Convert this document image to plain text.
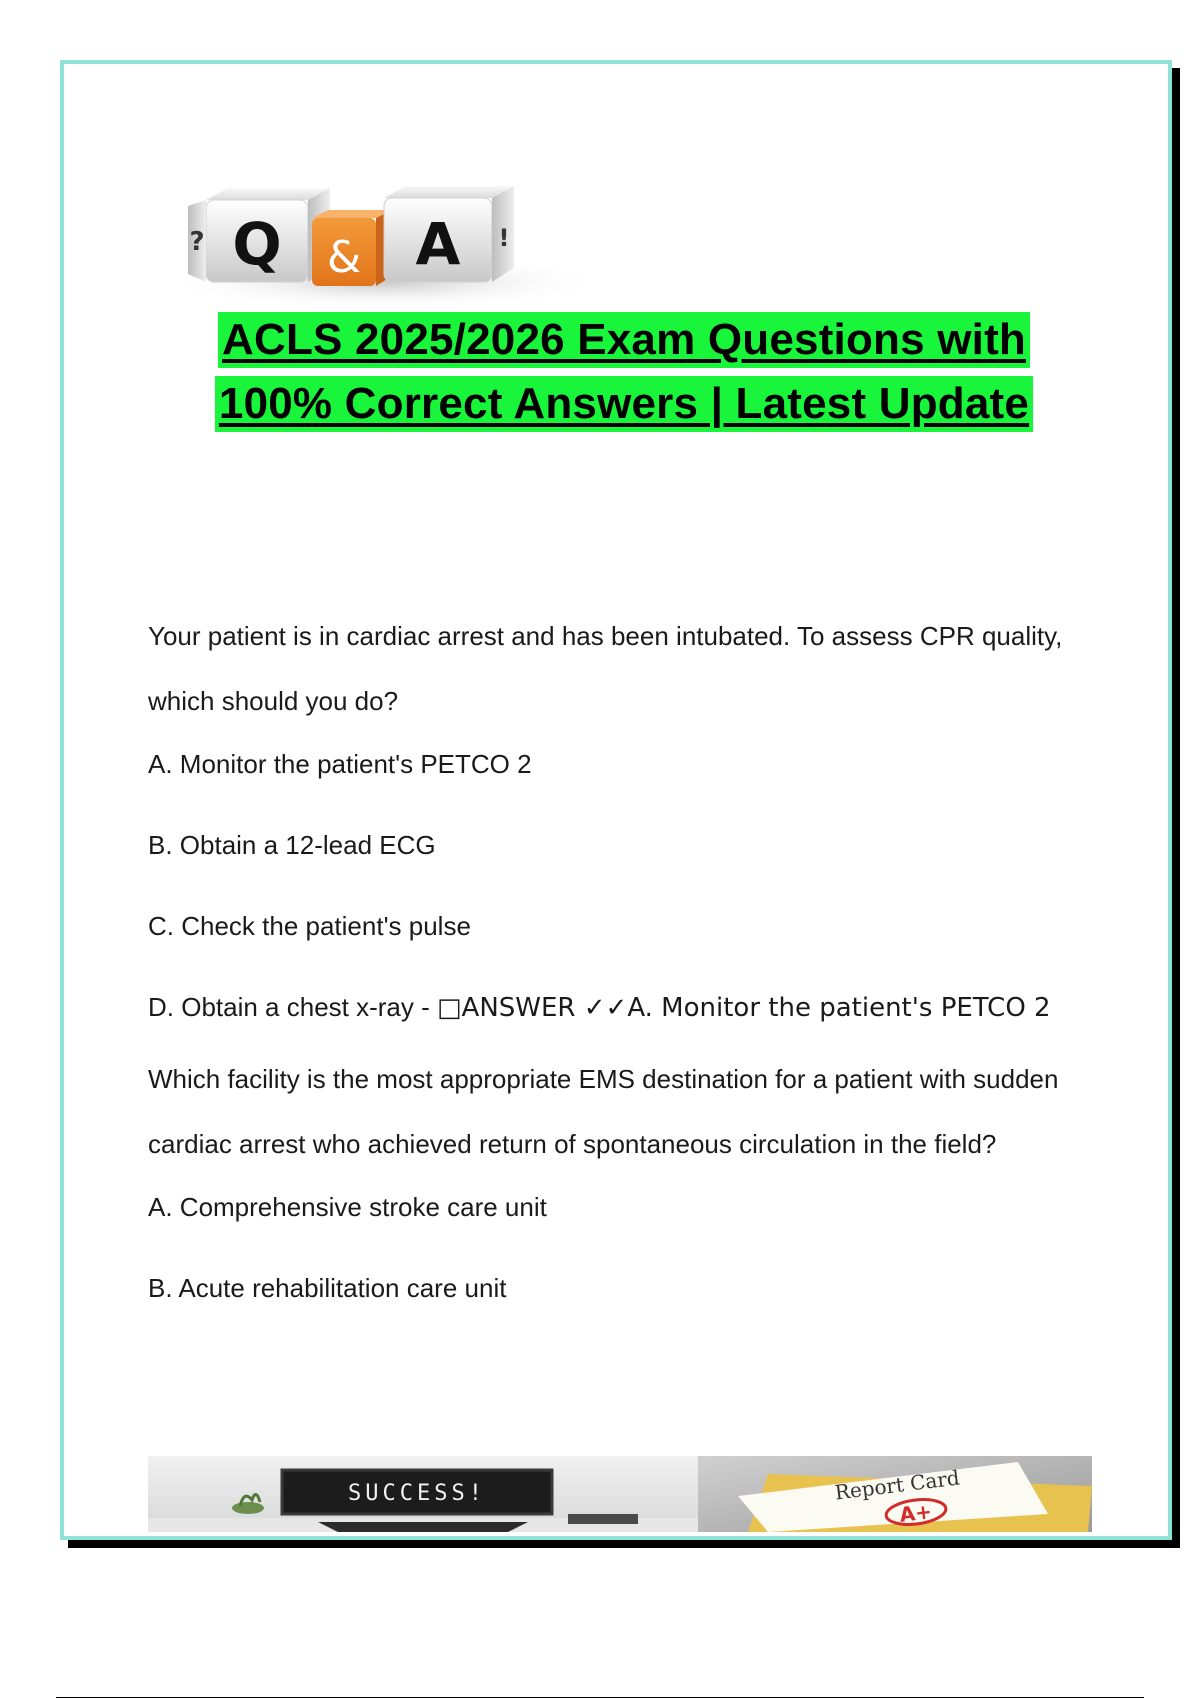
? Q & A !
ACLS 2025/2026 Exam Questions with
100% Correct Answers | Latest Update

Your patient is in cardiac arrest and has been intubated. To assess CPR quality, which should you do?

A. Monitor the patient's PETCO 2

B. Obtain a 12-lead ECG

C. Check the patient's pulse

D. Obtain a chest x-ray - □ANSWER ✓✓A. Monitor the patient's PETCO 2

Which facility is the most appropriate EMS destination for a patient with sudden cardiac arrest who achieved return of spontaneous circulation in the field?

A. Comprehensive stroke care unit

B. Acute rehabilitation care unit

SUCCESS!	Report Card
A+
